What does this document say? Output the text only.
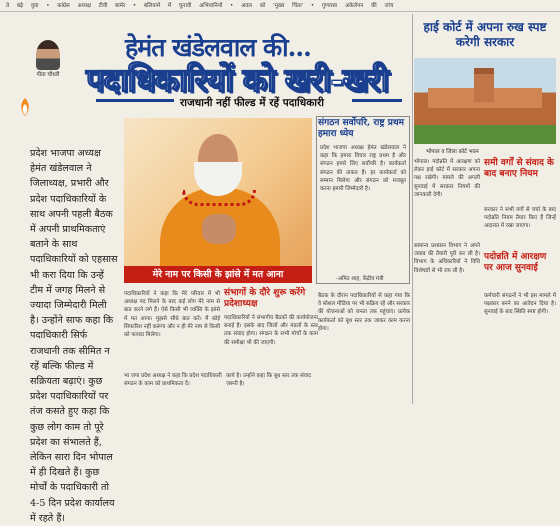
ते बढ़े युवा • कांग्रेस अध्यक्ष टीवी बार्मर • बलियामें में चुनावी अभियानियों • अवल को 'मुख्य चिंता' • गुणवत्ता अकेलेपन की जांच
गीता चौधरी
हेमंत खंडेलवाल की...
पदाधिकारियों को खरी-खरी
राजधानी नहीं फील्ड में रहें पदाधिकारी

प्रदेश भाजपा अध्यक्ष हेमंत खंडेलवाल ने जिलाध्यक्ष, प्रभारी और प्रदेश पदाधिकारियों के साथ अपनी पहली बैठक में अपनी प्राथमिकताएं बताने के साथ पदाधिकारियों को एहसास भी करा दिया कि उन्हें टीम में जगह मिलने से ज्यादा जिम्मेदारी मिली है। उन्होंने साफ कहा कि पदाधिकारी सिर्फ राजधानी तक सीमित न रहें बल्कि फील्ड में सक्रियता बढ़ाएं। कुछ प्रदेश पदाधिकारियों पर तंज कसते हुए कहा कि कुछ लोग काम तो पूरे प्रदेश का संभालते हैं, लेकिन सारा दिन भोपाल में ही दिखते हैं। कुछ मोर्चों के पदाधिकारी तो 4-5 दिन प्रदेश कार्यालय में रहते हैं।

मेरे नाम पर किसी के झांसे में मत आना
पदाधिकारियों ने कहा कि मेरे परिवार में भी अध्यक्ष पद मिलने के बाद कई लोग मेरे नाम से बात करने लगे हैं। ऐसे किसी भी व्यक्ति के झांसे में मत आना। मुझसे सीधे बात करें। मैं कोई सिफारिश नहीं करूंगा और न ही मेरे नाम से किसी को फायदा मिलेगा।
संभागों के दौरे शुरू करेंगे प्रदेशाध्यक्ष
पदाधिकारियों ने संभागीय बैठकों की कार्ययोजना बनाई है। इसके बाद जिलों और मंडलों के स्तर तक संवाद होगा। संगठन के सभी मोर्चों के काम की समीक्षा भी की जाएगी।
संगठन सर्वोपरि, राष्ट्र प्रथम हमारा ध्येय
प्रदेश भाजपा अध्यक्ष हेमंत खंडेलवाल ने कहा कि हमारा विचार राष्ट्र प्रथम है और संगठन हमारे लिए सर्वोपरि है। कार्यकर्ता संगठन की ताकत हैं। हर कार्यकर्ता को सम्मान मिलेगा और संगठन को मजबूत करना हमारी जिम्मेदारी है।
-अमित शाह, केंद्रीय मंत्री
बैठक के दौरान पदाधिकारियों से कहा गया कि वे सोशल मीडिया पर भी सक्रिय रहें और सरकार की योजनाओं को जनता तक पहुंचाएं। प्रत्येक कार्यकर्ता को बूथ स्तर तक जाकर काम करना होगा।
भा जपा प्रदेश अध्यक्ष ने कहा कि प्रदेश पदाधिकारी संगठन के काम को प्राथमिकता दें।
कार्य है। उन्होंने कहा कि बूथ स्तर तक संवाद जरूरी है।
हाई कोर्ट में अपना रुख स्पष्ट करेगी सरकार
भोपाल व जिला कोर्ट भवन
भोपाल। पदोन्नति में आरक्षण को लेकर हाई कोर्ट में सरकार अपना पक्ष रखेगी। मामले की अगली सुनवाई में सरकार नियमों की जानकारी देगी।
समी वर्गों से संवाद के बाद बनाए नियम
सरकार ने सभी वर्गों से चर्चा के बाद पदोन्नति नियम तैयार किए हैं जिन्हें अदालत में रखा जाएगा।
सामान्य प्रशासन विभाग ने अपने जवाब की तैयारी पूरी कर ली है। विभाग के अधिकारियों ने विधि विशेषज्ञों से भी राय ली है।
पदोन्नति में आरक्षण पर आज सुनवाई
कर्मचारी संगठनों ने भी इस मामले में पक्षकार बनने का आवेदन दिया है। सुनवाई के बाद स्थिति स्पष्ट होगी।
